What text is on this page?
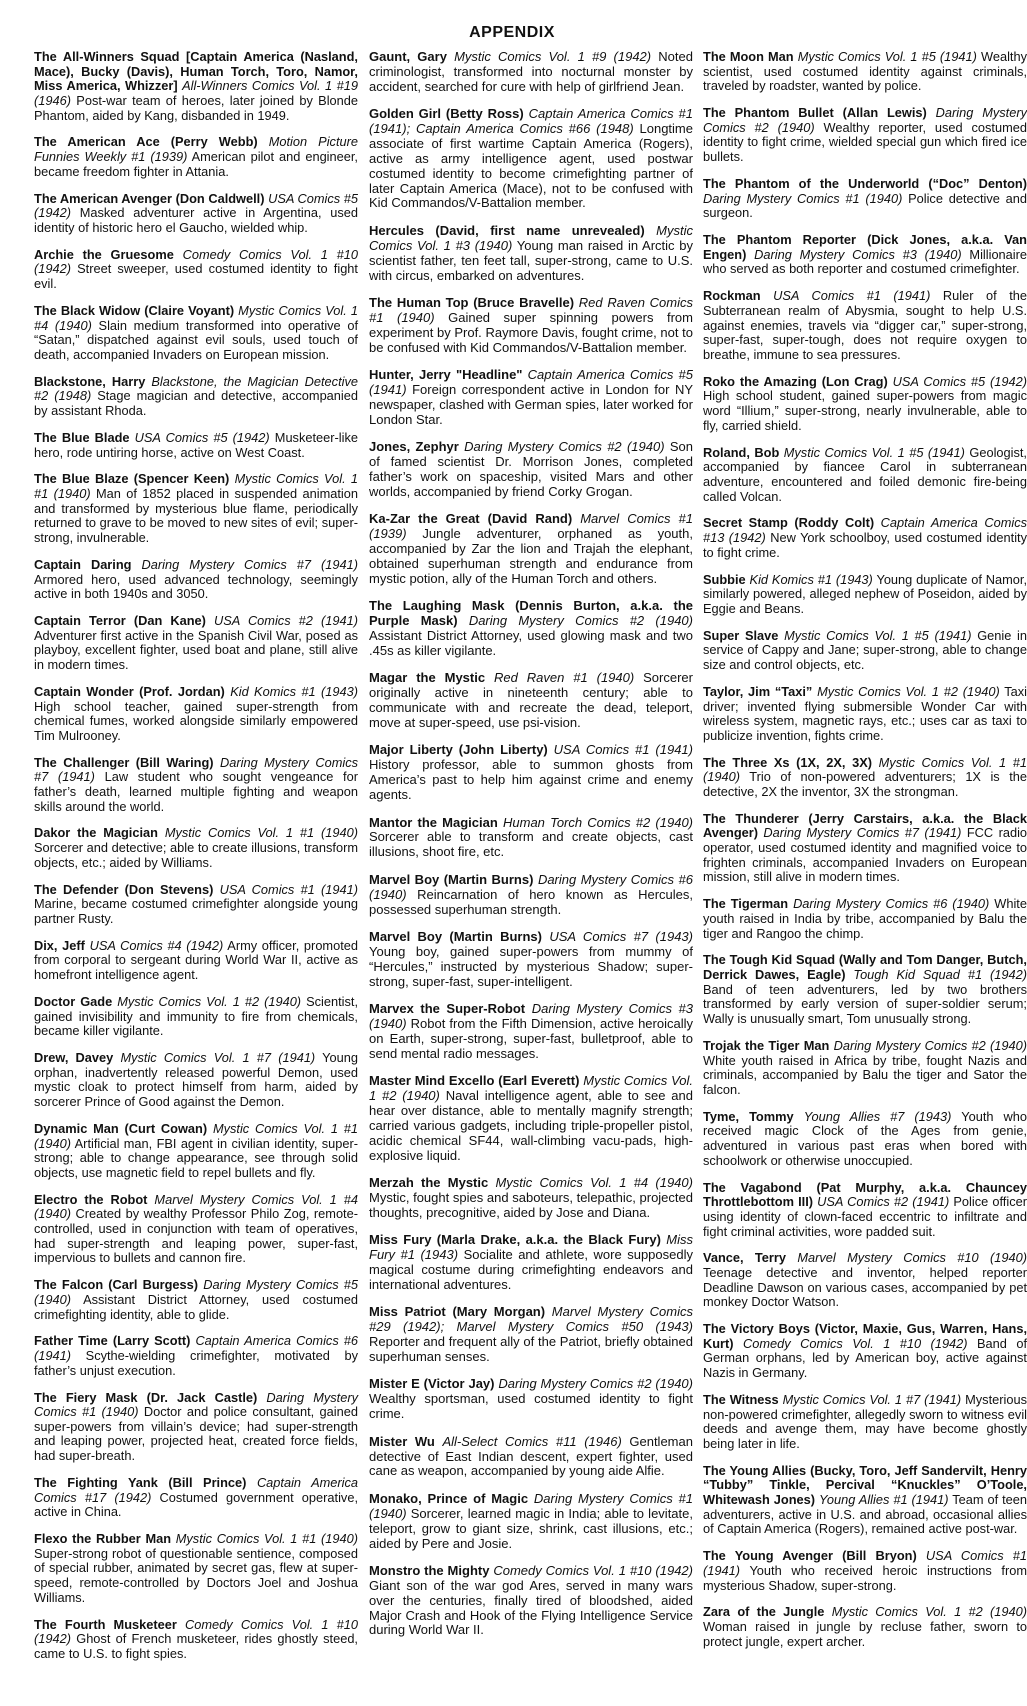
APPENDIX

The All-Winners Squad [Captain America (Nasland, Mace), Bucky (Davis), Human Torch, Toro, Namor, Miss America, Whizzer] All-Winners Comics Vol. 1 #19 (1946) Post-war team of heroes, later joined by Blonde Phantom, aided by Kang, disbanded in 1949.

The American Ace (Perry Webb) Motion Picture Funnies Weekly #1 (1939) American pilot and engineer, became freedom fighter in Attania.

The American Avenger (Don Caldwell) USA Comics #5 (1942) Masked adventurer active in Argentina, used identity of historic hero el Gaucho, wielded whip.

Archie the Gruesome Comedy Comics Vol. 1 #10 (1942) Street sweeper, used costumed identity to fight evil.

The Black Widow (Claire Voyant) Mystic Comics Vol. 1 #4 (1940) Slain medium transformed into operative of “Satan,” dispatched against evil souls, used touch of death, accompanied Invaders on European mission.

Blackstone, Harry Blackstone, the Magician Detective #2 (1948) Stage magician and detective, accompanied by assistant Rhoda.

The Blue Blade USA Comics #5 (1942) Musketeer-like hero, rode untiring horse, active on West Coast.

The Blue Blaze (Spencer Keen) Mystic Comics Vol. 1 #1 (1940) Man of 1852 placed in suspended animation and transformed by mysterious blue flame, periodically returned to grave to be moved to new sites of evil; super-strong, invulnerable.

Captain Daring Daring Mystery Comics #7 (1941) Armored hero, used advanced technology, seemingly active in both 1940s and 3050.

Captain Terror (Dan Kane) USA Comics #2 (1941) Adventurer first active in the Spanish Civil War, posed as playboy, excellent fighter, used boat and plane, still alive in modern times.

Captain Wonder (Prof. Jordan) Kid Komics #1 (1943) High school teacher, gained super-strength from chemical fumes, worked alongside similarly empowered Tim Mulrooney.

The Challenger (Bill Waring) Daring Mystery Comics #7 (1941) Law student who sought vengeance for father’s death, learned multiple fighting and weapon skills around the world.

Dakor the Magician Mystic Comics Vol. 1 #1 (1940) Sorcerer and detective; able to create illusions, transform objects, etc.; aided by Williams.

The Defender (Don Stevens) USA Comics #1 (1941) Marine, became costumed crimefighter alongside young partner Rusty.

Dix, Jeff USA Comics #4 (1942) Army officer, promoted from corporal to sergeant during World War II, active as homefront intelligence agent.

Doctor Gade Mystic Comics Vol. 1 #2 (1940) Scientist, gained invisibility and immunity to fire from chemicals, became killer vigilante.

Drew, Davey Mystic Comics Vol. 1 #7 (1941) Young orphan, inadvertently released powerful Demon, used mystic cloak to protect himself from harm, aided by sorcerer Prince of Good against the Demon.

Dynamic Man (Curt Cowan) Mystic Comics Vol. 1 #1 (1940) Artificial man, FBI agent in civilian identity, super-strong; able to change appearance, see through solid objects, use magnetic field to repel bullets and fly.

Electro the Robot Marvel Mystery Comics Vol. 1 #4 (1940) Created by wealthy Professor Philo Zog, remote-controlled, used in conjunction with team of operatives, had super-strength and leaping power, super-fast, impervious to bullets and cannon fire.

The Falcon (Carl Burgess) Daring Mystery Comics #5 (1940) Assistant District Attorney, used costumed crimefighting identity, able to glide.

Father Time (Larry Scott) Captain America Comics #6 (1941) Scythe-wielding crimefighter, motivated by father’s unjust execution.

The Fiery Mask (Dr. Jack Castle) Daring Mystery Comics #1 (1940) Doctor and police consultant, gained super-powers from villain’s device; had super-strength and leaping power, projected heat, created force fields, had super-breath.

The Fighting Yank (Bill Prince) Captain America Comics #17 (1942) Costumed government operative, active in China.

Flexo the Rubber Man Mystic Comics Vol. 1 #1 (1940) Super-strong robot of questionable sentience, composed of special rubber, animated by secret gas, flew at super-speed, remote-controlled by Doctors Joel and Joshua Williams.

The Fourth Musketeer Comedy Comics Vol. 1 #10 (1942) Ghost of French musketeer, rides ghostly steed, came to U.S. to fight spies.

Gaunt, Gary Mystic Comics Vol. 1 #9 (1942) Noted criminologist, transformed into nocturnal monster by accident, searched for cure with help of girlfriend Jean.

Golden Girl (Betty Ross) Captain America Comics #1 (1941); Captain America Comics #66 (1948) Longtime associate of first wartime Captain America (Rogers), active as army intelligence agent, used postwar costumed identity to become crimefighting partner of later Captain America (Mace), not to be confused with Kid Commandos/V-Battalion member.

Hercules (David, first name unrevealed) Mystic Comics Vol. 1 #3 (1940) Young man raised in Arctic by scientist father, ten feet tall, super-strong, came to U.S. with circus, embarked on adventures.

The Human Top (Bruce Bravelle) Red Raven Comics #1 (1940) Gained super spinning powers from experiment by Prof. Raymore Davis, fought crime, not to be confused with Kid Commandos/V-Battalion member.

Hunter, Jerry "Headline" Captain America Comics #5 (1941) Foreign correspondent active in London for NY newspaper, clashed with German spies, later worked for London Star.

Jones, Zephyr Daring Mystery Comics #2 (1940) Son of famed scientist Dr. Morrison Jones, completed father’s work on spaceship, visited Mars and other worlds, accompanied by friend Corky Grogan.

Ka-Zar the Great (David Rand) Marvel Comics #1 (1939) Jungle adventurer, orphaned as youth, accompanied by Zar the lion and Trajah the elephant, obtained superhuman strength and endurance from mystic potion, ally of the Human Torch and others.

The Laughing Mask (Dennis Burton, a.k.a. the Purple Mask) Daring Mystery Comics #2 (1940) Assistant District Attorney, used glowing mask and two .45s as killer vigilante.

Magar the Mystic Red Raven #1 (1940) Sorcerer originally active in nineteenth century; able to communicate with and recreate the dead, teleport, move at super-speed, use psi-vision.

Major Liberty (John Liberty) USA Comics #1 (1941) History professor, able to summon ghosts from America’s past to help him against crime and enemy agents.

Mantor the Magician Human Torch Comics #2 (1940) Sorcerer able to transform and create objects, cast illusions, shoot fire, etc.

Marvel Boy (Martin Burns) Daring Mystery Comics #6 (1940) Reincarnation of hero known as Hercules, possessed superhuman strength.

Marvel Boy (Martin Burns) USA Comics #7 (1943) Young boy, gained super-powers from mummy of “Hercules,” instructed by mysterious Shadow; super-strong, super-fast, super-intelligent.

Marvex the Super-Robot Daring Mystery Comics #3 (1940) Robot from the Fifth Dimension, active heroically on Earth, super-strong, super-fast, bulletproof, able to send mental radio messages.

Master Mind Excello (Earl Everett) Mystic Comics Vol. 1 #2 (1940) Naval intelligence agent, able to see and hear over distance, able to mentally magnify strength; carried various gadgets, including triple-propeller pistol, acidic chemical SF44, wall-climbing vacu-pads, high-explosive liquid.

Merzah the Mystic Mystic Comics Vol. 1 #4 (1940) Mystic, fought spies and saboteurs, telepathic, projected thoughts, precognitive, aided by Jose and Diana.

Miss Fury (Marla Drake, a.k.a. the Black Fury) Miss Fury #1 (1943) Socialite and athlete, wore supposedly magical costume during crimefighting endeavors and international adventures.

Miss Patriot (Mary Morgan) Marvel Mystery Comics #29 (1942); Marvel Mystery Comics #50 (1943) Reporter and frequent ally of the Patriot, briefly obtained superhuman senses.

Mister E (Victor Jay) Daring Mystery Comics #2 (1940) Wealthy sportsman, used costumed identity to fight crime.

Mister Wu All-Select Comics #11 (1946) Gentleman detective of East Indian descent, expert fighter, used cane as weapon, accompanied by young aide Alfie.

Monako, Prince of Magic Daring Mystery Comics #1 (1940) Sorcerer, learned magic in India; able to levitate, teleport, grow to giant size, shrink, cast illusions, etc.; aided by Pere and Josie.

Monstro the Mighty Comedy Comics Vol. 1 #10 (1942) Giant son of the war god Ares, served in many wars over the centuries, finally tired of bloodshed, aided Major Crash and Hook of the Flying Intelligence Service during World War II.

The Moon Man Mystic Comics Vol. 1 #5 (1941) Wealthy scientist, used costumed identity against criminals, traveled by roadster, wanted by police.

The Phantom Bullet (Allan Lewis) Daring Mystery Comics #2 (1940) Wealthy reporter, used costumed identity to fight crime, wielded special gun which fired ice bullets.

The Phantom of the Underworld (“Doc” Denton) Daring Mystery Comics #1 (1940) Police detective and surgeon.

The Phantom Reporter (Dick Jones, a.k.a. Van Engen) Daring Mystery Comics #3 (1940) Millionaire who served as both reporter and costumed crimefighter.

Rockman USA Comics #1 (1941) Ruler of the Subterranean realm of Abysmia, sought to help U.S. against enemies, travels via “digger car,” super-strong, super-fast, super-tough, does not require oxygen to breathe, immune to sea pressures.

Roko the Amazing (Lon Crag) USA Comics #5 (1942) High school student, gained super-powers from magic word “Illium,” super-strong, nearly invulnerable, able to fly, carried shield.

Roland, Bob Mystic Comics Vol. 1 #5 (1941) Geologist, accompanied by fiancee Carol in subterranean adventure, encountered and foiled demonic fire-being called Volcan.

Secret Stamp (Roddy Colt) Captain America Comics #13 (1942) New York schoolboy, used costumed identity to fight crime.

Subbie Kid Komics #1 (1943) Young duplicate of Namor, similarly powered, alleged nephew of Poseidon, aided by Eggie and Beans.

Super Slave Mystic Comics Vol. 1 #5 (1941) Genie in service of Cappy and Jane; super-strong, able to change size and control objects, etc.

Taylor, Jim “Taxi” Mystic Comics Vol. 1 #2 (1940) Taxi driver; invented flying submersible Wonder Car with wireless system, magnetic rays, etc.; uses car as taxi to publicize invention, fights crime.

The Three Xs (1X, 2X, 3X) Mystic Comics Vol. 1 #1 (1940) Trio of non-powered adventurers; 1X is the detective, 2X the inventor, 3X the strongman.

The Thunderer (Jerry Carstairs, a.k.a. the Black Avenger) Daring Mystery Comics #7 (1941) FCC radio operator, used costumed identity and magnified voice to frighten criminals, accompanied Invaders on European mission, still alive in modern times.

The Tigerman Daring Mystery Comics #6 (1940) White youth raised in India by tribe, accompanied by Balu the tiger and Rangoo the chimp.

The Tough Kid Squad (Wally and Tom Danger, Butch, Derrick Dawes, Eagle) Tough Kid Squad #1 (1942) Band of teen adventurers, led by two brothers transformed by early version of super-soldier serum; Wally is unusually smart, Tom unusually strong.

Trojak the Tiger Man Daring Mystery Comics #2 (1940) White youth raised in Africa by tribe, fought Nazis and criminals, accompanied by Balu the tiger and Sator the falcon.

Tyme, Tommy Young Allies #7 (1943) Youth who received magic Clock of the Ages from genie, adventured in various past eras when bored with schoolwork or otherwise unoccupied.

The Vagabond (Pat Murphy, a.k.a. Chauncey Throttlebottom III) USA Comics #2 (1941) Police officer using identity of clown-faced eccentric to infiltrate and fight criminal activities, wore padded suit.

Vance, Terry Marvel Mystery Comics #10 (1940) Teenage detective and inventor, helped reporter Deadline Dawson on various cases, accompanied by pet monkey Doctor Watson.

The Victory Boys (Victor, Maxie, Gus, Warren, Hans, Kurt) Comedy Comics Vol. 1 #10 (1942) Band of German orphans, led by American boy, active against Nazis in Germany.

The Witness Mystic Comics Vol. 1 #7 (1941) Mysterious non-powered crimefighter, allegedly sworn to witness evil deeds and avenge them, may have become ghostly being later in life.

The Young Allies (Bucky, Toro, Jeff Sandervilt, Henry “Tubby” Tinkle, Percival “Knuckles” O’Toole, Whitewash Jones) Young Allies #1 (1941) Team of teen adventurers, active in U.S. and abroad, occasional allies of Captain America (Rogers), remained active post-war.

The Young Avenger (Bill Bryon) USA Comics #1 (1941) Youth who received heroic instructions from mysterious Shadow, super-strong.

Zara of the Jungle Mystic Comics Vol. 1 #2 (1940) Woman raised in jungle by recluse father, sworn to protect jungle, expert archer.
